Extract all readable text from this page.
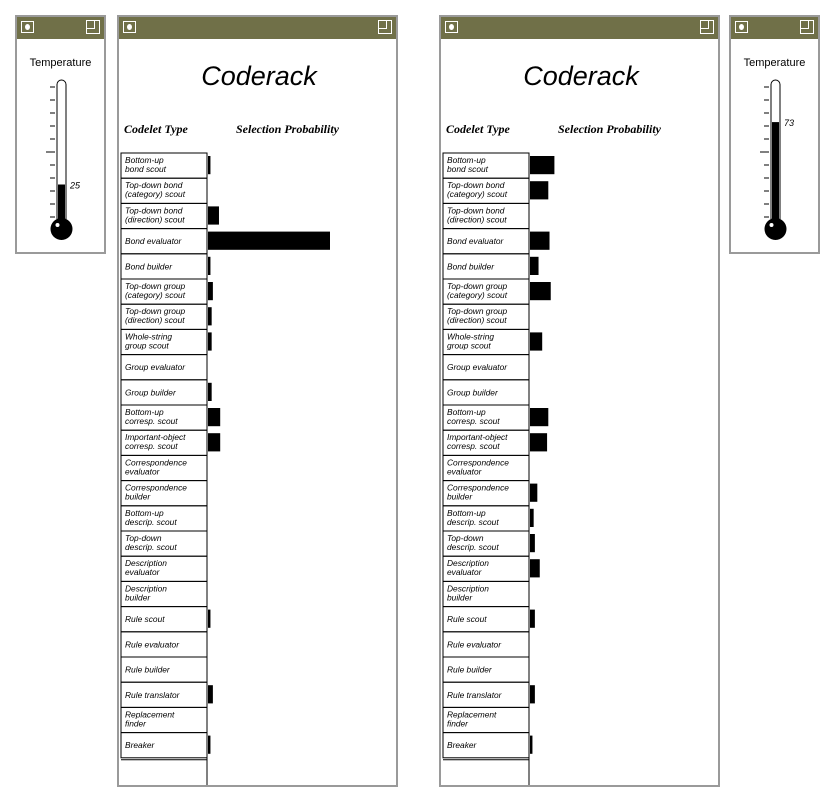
Temperature
25
Coderack
Codelet Type	Selection Probability
Bottom-up
bond scout
Top-down bond
(category) scout
Top-down bond
(direction) scout
Bond evaluator
Bond builder
Top-down group
(category) scout
Top-down group
(direction) scout
Whole-string
group scout
Group evaluator
Group builder
Bottom-up
corresp. scout
Important-object
corresp. scout
Correspondence
evaluator
Correspondence
builder
Bottom-up
descrip. scout
Top-down
descrip. scout
Description
evaluator
Description
builder
Rule scout
Rule evaluator
Rule builder
Rule translator
Replacement
finder
Breaker
Coderack
Codelet Type	Selection Probability
Bottom-up
bond scout
Top-down bond
(category) scout
Top-down bond
(direction) scout
Bond evaluator
Bond builder
Top-down group
(category) scout
Top-down group
(direction) scout
Whole-string
group scout
Group evaluator
Group builder
Bottom-up
corresp. scout
Important-object
corresp. scout
Correspondence
evaluator
Correspondence
builder
Bottom-up
descrip. scout
Top-down
descrip. scout
Description
evaluator
Description
builder
Rule scout
Rule evaluator
Rule builder
Rule translator
Replacement
finder
Breaker
Temperature
73
